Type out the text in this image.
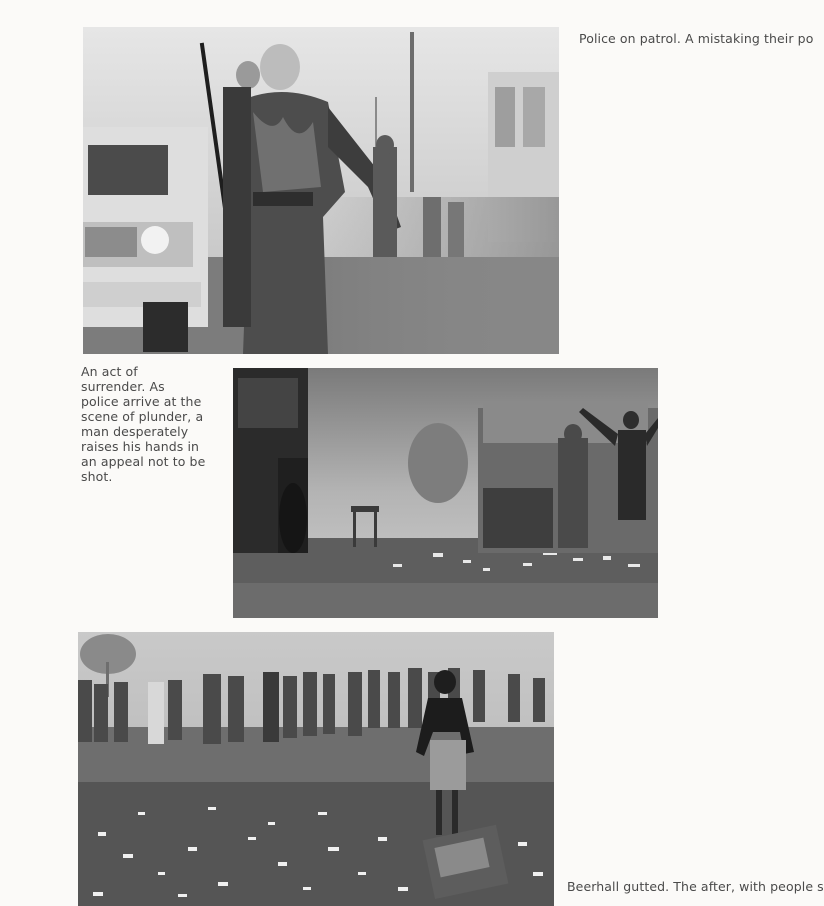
Police on patrol. A mistaking their po
An act of
surrender. As
police arrive at the
scene of plunder, a
man desperately
raises his hands in
an appeal not to be
shot.
Beerhall gutted. The after, with people s
